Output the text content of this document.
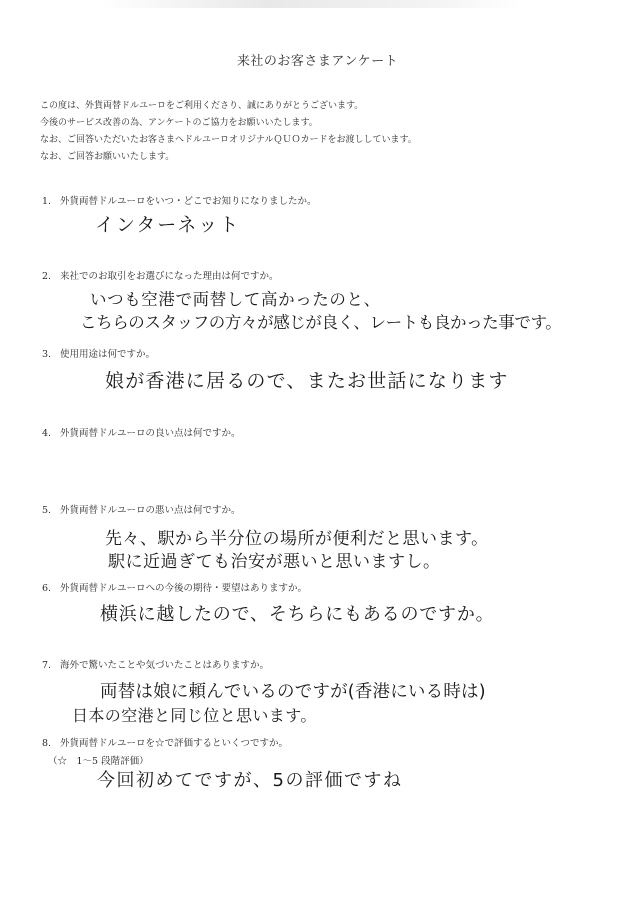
来社のお客さまアンケート
この度は、外貨両替ドルユーロをご利用くださり、誠にありがとうございます。
今後のサービス改善の為、アンケートのご協力をお願いいたします。
なお、ご回答いただいたお客さまへドルユーロオリジナルＱＵＯカードをお渡ししています。
なお、ご回答お願いいたします。
1. 外貨両替ドルユーロをいつ・どこでお知りになりましたか。
インターネット
2. 来社でのお取引をお選びになった理由は何ですか。
いつも空港で両替して高かったのと、
こちらのスタッフの方々が感じが良く、レートも良かった事です。
3. 使用用途は何ですか。
娘が香港に居るので、またお世話になります
4. 外貨両替ドルユーロの良い点は何ですか。
5. 外貨両替ドルユーロの悪い点は何ですか。
先々、駅から半分位の場所が便利だと思います。
駅に近過ぎても治安が悪いと思いますし。
6. 外貨両替ドルユーロへの今後の期待・要望はありますか。
横浜に越したので、そちらにもあるのですか。
7. 海外で驚いたことや気づいたことはありますか。
両替は娘に頼んでいるのですが(香港にいる時は)
日本の空港と同じ位と思います。
8. 外貨両替ドルユーロを☆で評価するといくつですか。
（☆　1〜5 段階評価）
今回初めてですが、5の評価ですね
